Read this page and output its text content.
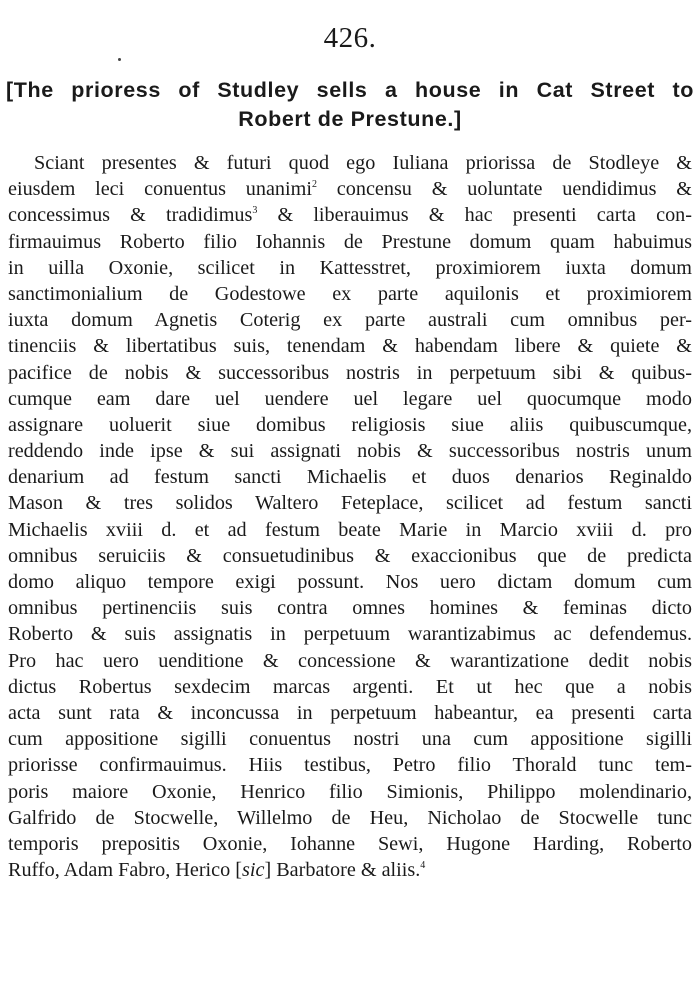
426.
[The prioress of Studley sells a house in Cat Street to
Robert de Prestune.]
Sciant presentes & futuri quod ego Iuliana priorissa de Stodleye &
eiusdem leci conuentus unanimi$^2$ concensu & uoluntate uendidimus &
concessimus & tradidimus$^3$ & liberauimus & hac presenti carta con-
firmauimus Roberto filio Iohannis de Prestune domum quam habuimus
in uilla Oxonie, scilicet in Kattesstret, proximiorem iuxta domum
sanctimonialium de Godestowe ex parte aquilonis et proximiorem
iuxta domum Agnetis Coterig ex parte australi cum omnibus per-
tinenciis & libertatibus suis, tenendam & habendam libere & quiete &
pacifice de nobis & successoribus nostris in perpetuum sibi & quibus-
cumque eam dare uel uendere uel legare uel quocumque modo
assignare uoluerit siue domibus religiosis siue aliis quibuscumque,
reddendo inde ipse & sui assignati nobis & successoribus nostris unum
denarium ad festum sancti Michaelis et duos denarios Reginaldo
Mason & tres solidos Waltero Feteplace, scilicet ad festum sancti
Michaelis xviii d. et ad festum beate Marie in Marcio xviii d. pro
omnibus seruiciis & consuetudinibus & exaccionibus que de predicta
domo aliquo tempore exigi possunt. Nos uero dictam domum cum
omnibus pertinenciis suis contra omnes homines & feminas dicto
Roberto & suis assignatis in perpetuum warantizabimus ac defendemus.
Pro hac uero uenditione & concessione & warantizatione dedit nobis
dictus Robertus sexdecim marcas argenti. Et ut hec que a nobis
acta sunt rata & inconcussa in perpetuum habeantur, ea presenti carta
cum appositione sigilli conuentus nostri una cum appositione sigilli
priorisse confirmauimus. Hiis testibus, Petro filio Thorald tunc tem-
poris maiore Oxonie, Henrico filio Simionis, Philippo molendinario,
Galfrido de Stocwelle, Willelmo de Heu, Nicholao de Stocwelle tunc
temporis prepositis Oxonie, Iohanne Sewi, Hugone Harding, Roberto
Ruffo, Adam Fabro, Herico [sic] Barbatore & aliis.$^4$
